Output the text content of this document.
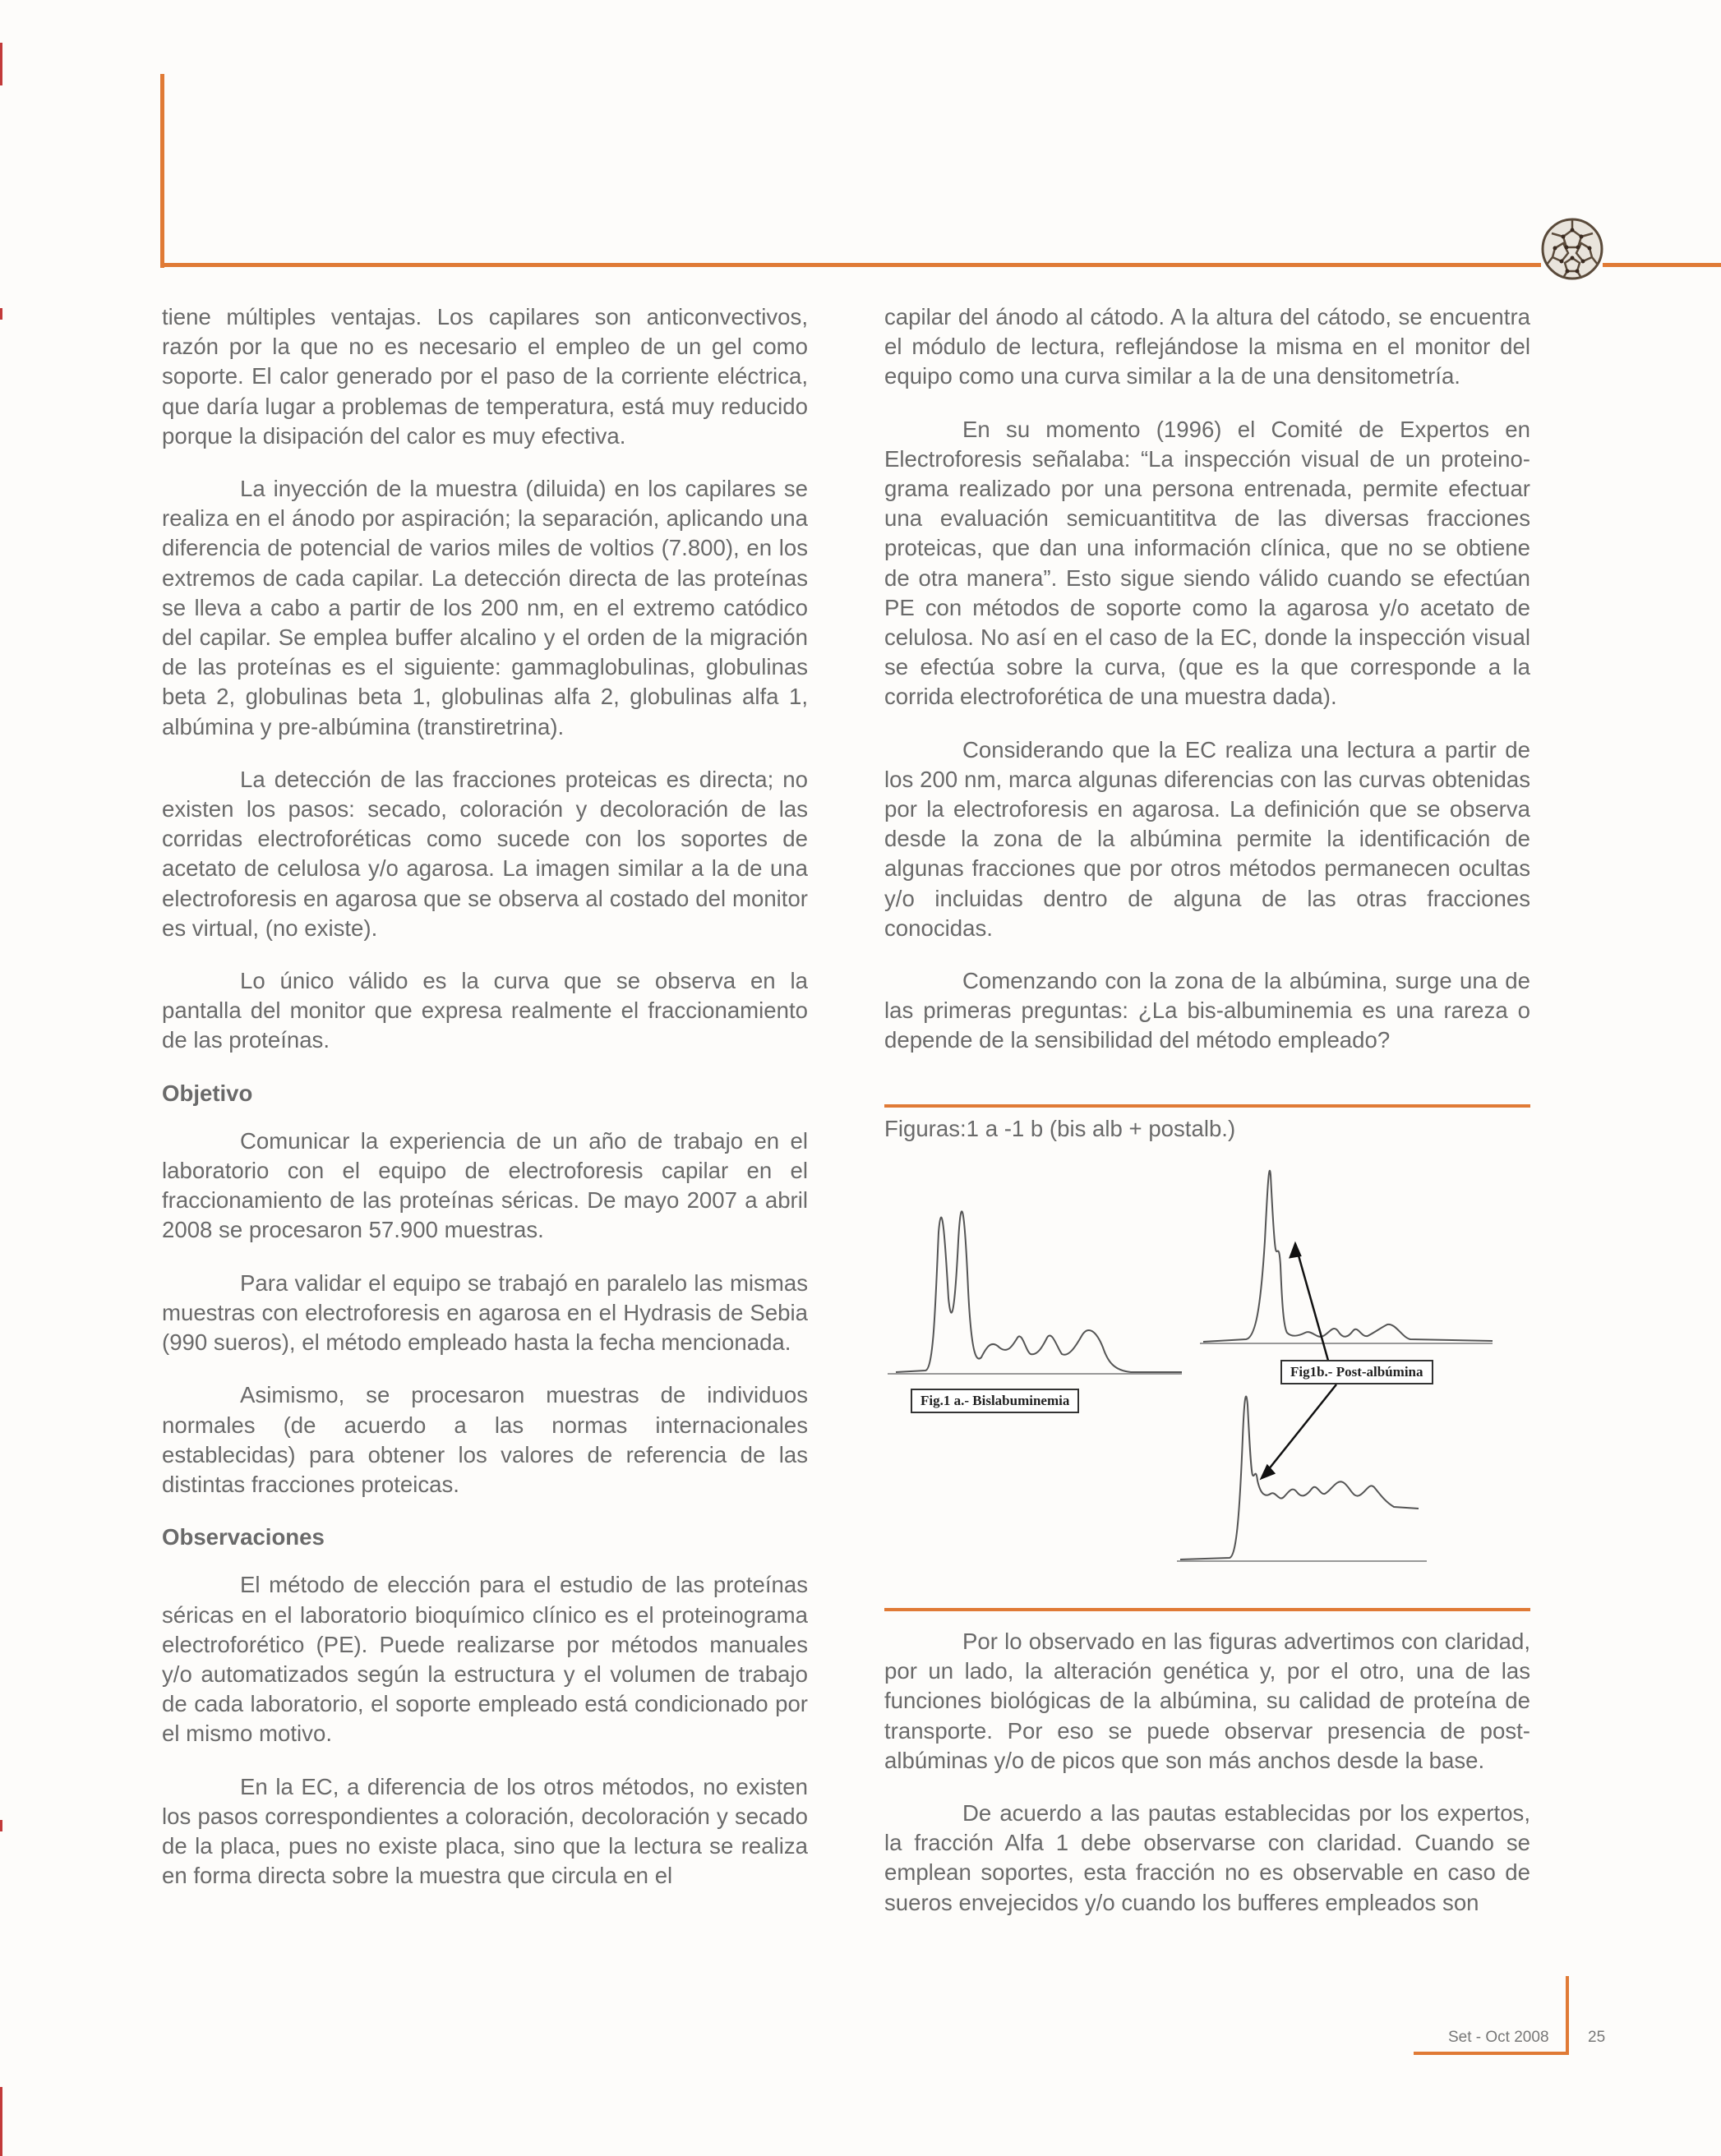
tiene múltiples ventajas. Los capilares son anticonvectivos, razón por la que no es necesario el empleo de un gel como soporte. El calor generado por el paso de la corriente eléctrica, que daría lugar a problemas de temperatura, está muy reducido porque la disipación del calor es muy efectiva.

La inyección de la muestra (diluida) en los capilares se realiza en el ánodo por aspiración; la separación, aplicando una diferencia de potencial de varios miles de voltios (7.800), en los extremos de cada capilar. La detección directa de las proteínas se lleva a cabo a partir de los 200 nm, en el extremo catódico del capilar. Se emplea buffer alcalino y el orden de la migración de las proteínas es el siguiente: gammaglobulinas, globulinas beta 2, globulinas beta 1, globulinas alfa 2, globulinas alfa 1, albúmina y pre-albúmina (transtiretrina).

La detección de las fracciones proteicas es directa; no existen los pasos: secado, coloración y decoloración de las corridas electroforéticas como sucede con los soportes de acetato de celulosa y/o agarosa. La imagen similar a la de una electroforesis en agarosa que se observa al costado del monitor es virtual, (no existe).

Lo único válido es la curva que se observa en la pantalla del monitor que expresa realmente el fraccionamiento de las proteínas.

Objetivo

Comunicar la experiencia de un año de trabajo en el laboratorio con el equipo de electroforesis capilar en el fraccionamiento de las proteínas séricas. De mayo 2007 a abril 2008 se procesaron 57.900 muestras.

Para validar el equipo se trabajó en paralelo las mismas muestras con electroforesis en agarosa en el Hydrasis de Sebia (990 sueros), el método empleado hasta la fecha mencionada.

Asimismo, se procesaron muestras de individuos normales (de acuerdo a las normas internacionales establecidas) para obtener los valores de referencia de las distintas fracciones proteicas.

Observaciones

El método de elección para el estudio de las proteínas séricas en el laboratorio bioquímico clínico es el proteinograma electroforético (PE). Puede realizarse por métodos manuales y/o automatizados según la estructura y el volumen de trabajo de cada laboratorio, el soporte empleado está condicionado por el mismo motivo.

En la EC, a diferencia de los otros métodos, no existen los pasos correspondientes a coloración, decoloración y secado de la placa, pues no existe placa, sino que la lectura se realiza en forma directa sobre la muestra que circula en el

capilar del ánodo al cátodo. A la altura del cátodo, se encuentra el módulo de lectura, reflejándose la misma en el monitor del equipo como una curva similar a la de una densitometría.

En su momento (1996) el Comité de Expertos en Electroforesis señalaba: “La inspección visual de un proteino-grama realizado por una persona entrenada, permite efectuar una evaluación semicuantititva de las diversas fracciones proteicas, que dan una información clínica, que no se obtiene de otra manera”. Esto sigue siendo válido cuando se efectúan PE con métodos de soporte como la agarosa y/o acetato de celulosa. No así en el caso de la EC, donde la inspección visual se efectúa sobre la curva, (que es la que corresponde a la corrida electroforética de una muestra dada).

Considerando que la EC realiza una lectura a partir de los 200 nm, marca algunas diferencias con las curvas obtenidas por la electroforesis en agarosa. La definición que se observa desde la zona de la albúmina permite la identificación de algunas fracciones que por otros métodos permanecen ocultas y/o incluidas dentro de alguna de las otras fracciones conocidas.

Comenzando con la zona de la albúmina, surge una de las primeras preguntas: ¿La bis-albuminemia es una rareza o depende de la sensibilidad del método empleado?

Figuras:1 a -1 b (bis alb + postalb.)
Fig.1 a.- Bislabuminemia
Fig1b.- Post-albúmina

Por lo observado en las figuras advertimos con claridad, por un lado, la alteración genética y, por el otro, una de las funciones biológicas de la albúmina, su calidad de proteína de transporte. Por eso se puede observar presencia de post-albúminas y/o de picos que son más anchos desde la base.

De acuerdo a las pautas establecidas por los expertos, la fracción Alfa 1 debe observarse con claridad. Cuando se emplean soportes, esta fracción no es observable en caso de sueros envejecidos y/o cuando los bufferes empleados son

Set - Oct 2008 25
